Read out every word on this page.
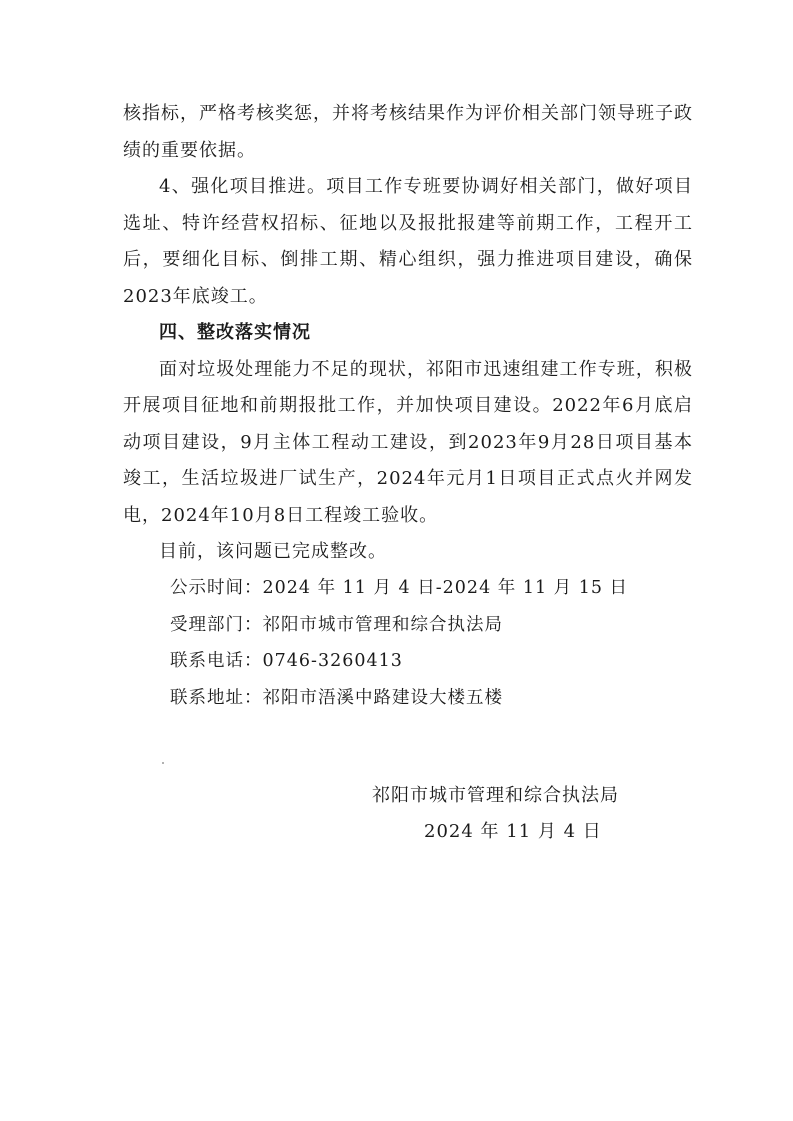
核指标，严格考核奖惩，并将考核结果作为评价相关部门领导班子政绩的重要依据。

4、强化项目推进。项目工作专班要协调好相关部门，做好项目选址、特许经营权招标、征地以及报批报建等前期工作，工程开工后，要细化目标、倒排工期、精心组织，强力推进项目建设，确保2023年底竣工。

四、整改落实情况

面对垃圾处理能力不足的现状，祁阳市迅速组建工作专班，积极开展项目征地和前期报批工作，并加快项目建设。2022年6月底启动项目建设，9月主体工程动工建设，到2023年9月28日项目基本竣工，生活垃圾进厂试生产，2024年元月1日项目正式点火并网发电，2024年10月8日工程竣工验收。

目前，该问题已完成整改。

公示时间：2024 年 11 月 4 日-2024 年 11 月 15 日
受理部门：祁阳市城市管理和综合执法局
联系电话：0746-3260413
联系地址：祁阳市浯溪中路建设大楼五楼
祁阳市城市管理和综合执法局
2024 年 11 月 4 日
